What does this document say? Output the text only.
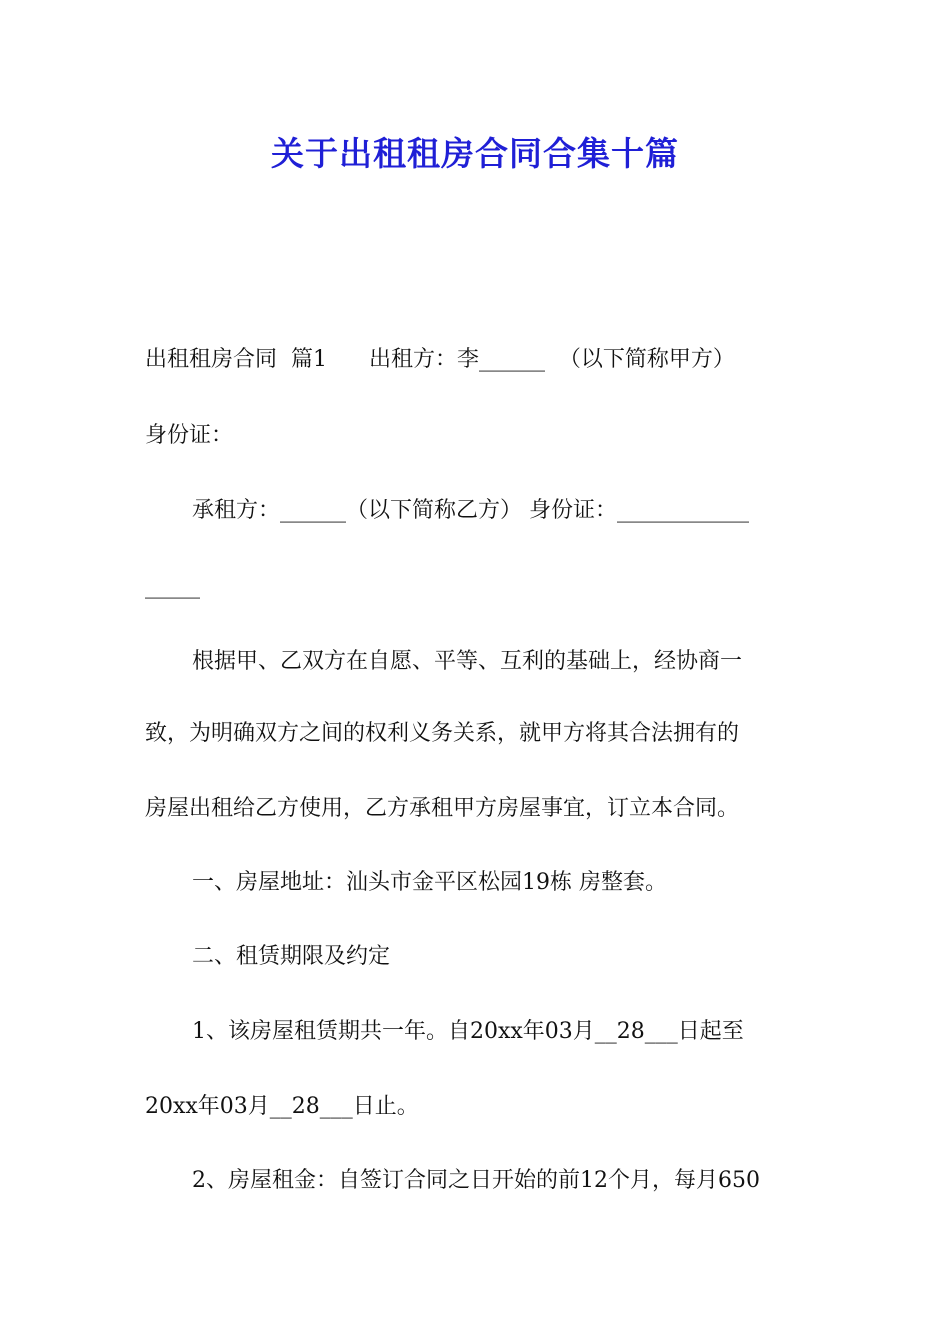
关于出租租房合同合集十篇
出租租房合同  篇1      出租方：李______  （以下简称甲方）
身份证：
承租方：______（以下简称乙方） 身份证：____________
_____
根据甲、乙双方在自愿、平等、互利的基础上，经协商一
致，为明确双方之间的权利义务关系，就甲方将其合法拥有的
房屋出租给乙方使用，乙方承租甲方房屋事宜，订立本合同。
一、房屋地址：汕头市金平区松园19栋 房整套。
二、租赁期限及约定
1、该房屋租赁期共一年。自20xx年03月__28___日起至
20xx年03月__28___日止。
2、房屋租金：自签订合同之日开始的前12个月，每月650
